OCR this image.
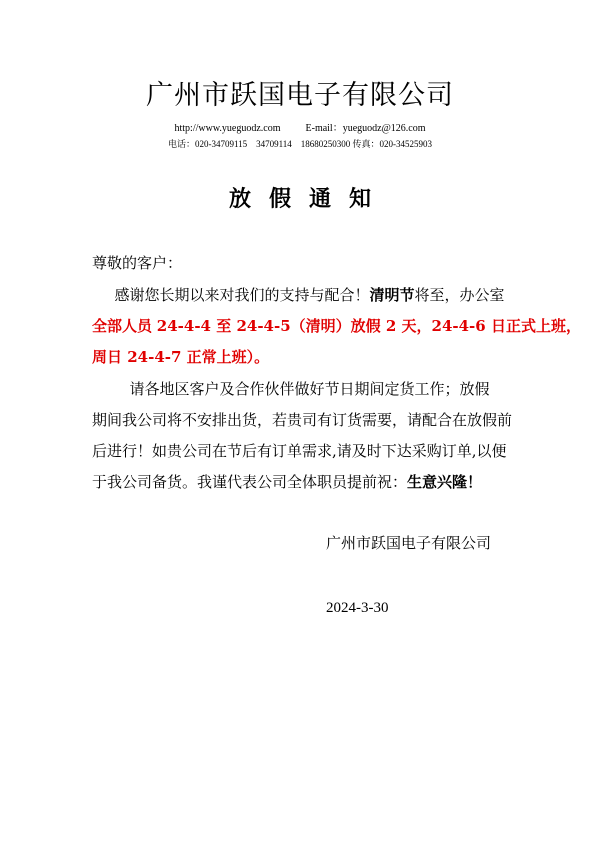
广州市跃国电子有限公司
http://www.yueguodz.com	E-mail：yueguodz@126.com
电话：020-34709115    34709114    18680250300 传真：020-34525903
放假通知
尊敬的客户：
  感谢您长期以来对我们的支持与配合！清明节将至，办公室
全部人员 24-4-4 至 24-4-5（清明）放假 2 天，24-4-6 日正式上班，
周日 24-4-7 正常上班）。
   请各地区客户及合作伙伴做好节日期间定货工作；放假
期间我公司将不安排出货，若贵司有订货需要，请配合在放假前
后进行！如贵公司在节后有订单需求,请及时下达采购订单,以便
于我公司备货。我谨代表公司全体职员提前祝：生意兴隆！
广州市跃国电子有限公司
2024-3-30
